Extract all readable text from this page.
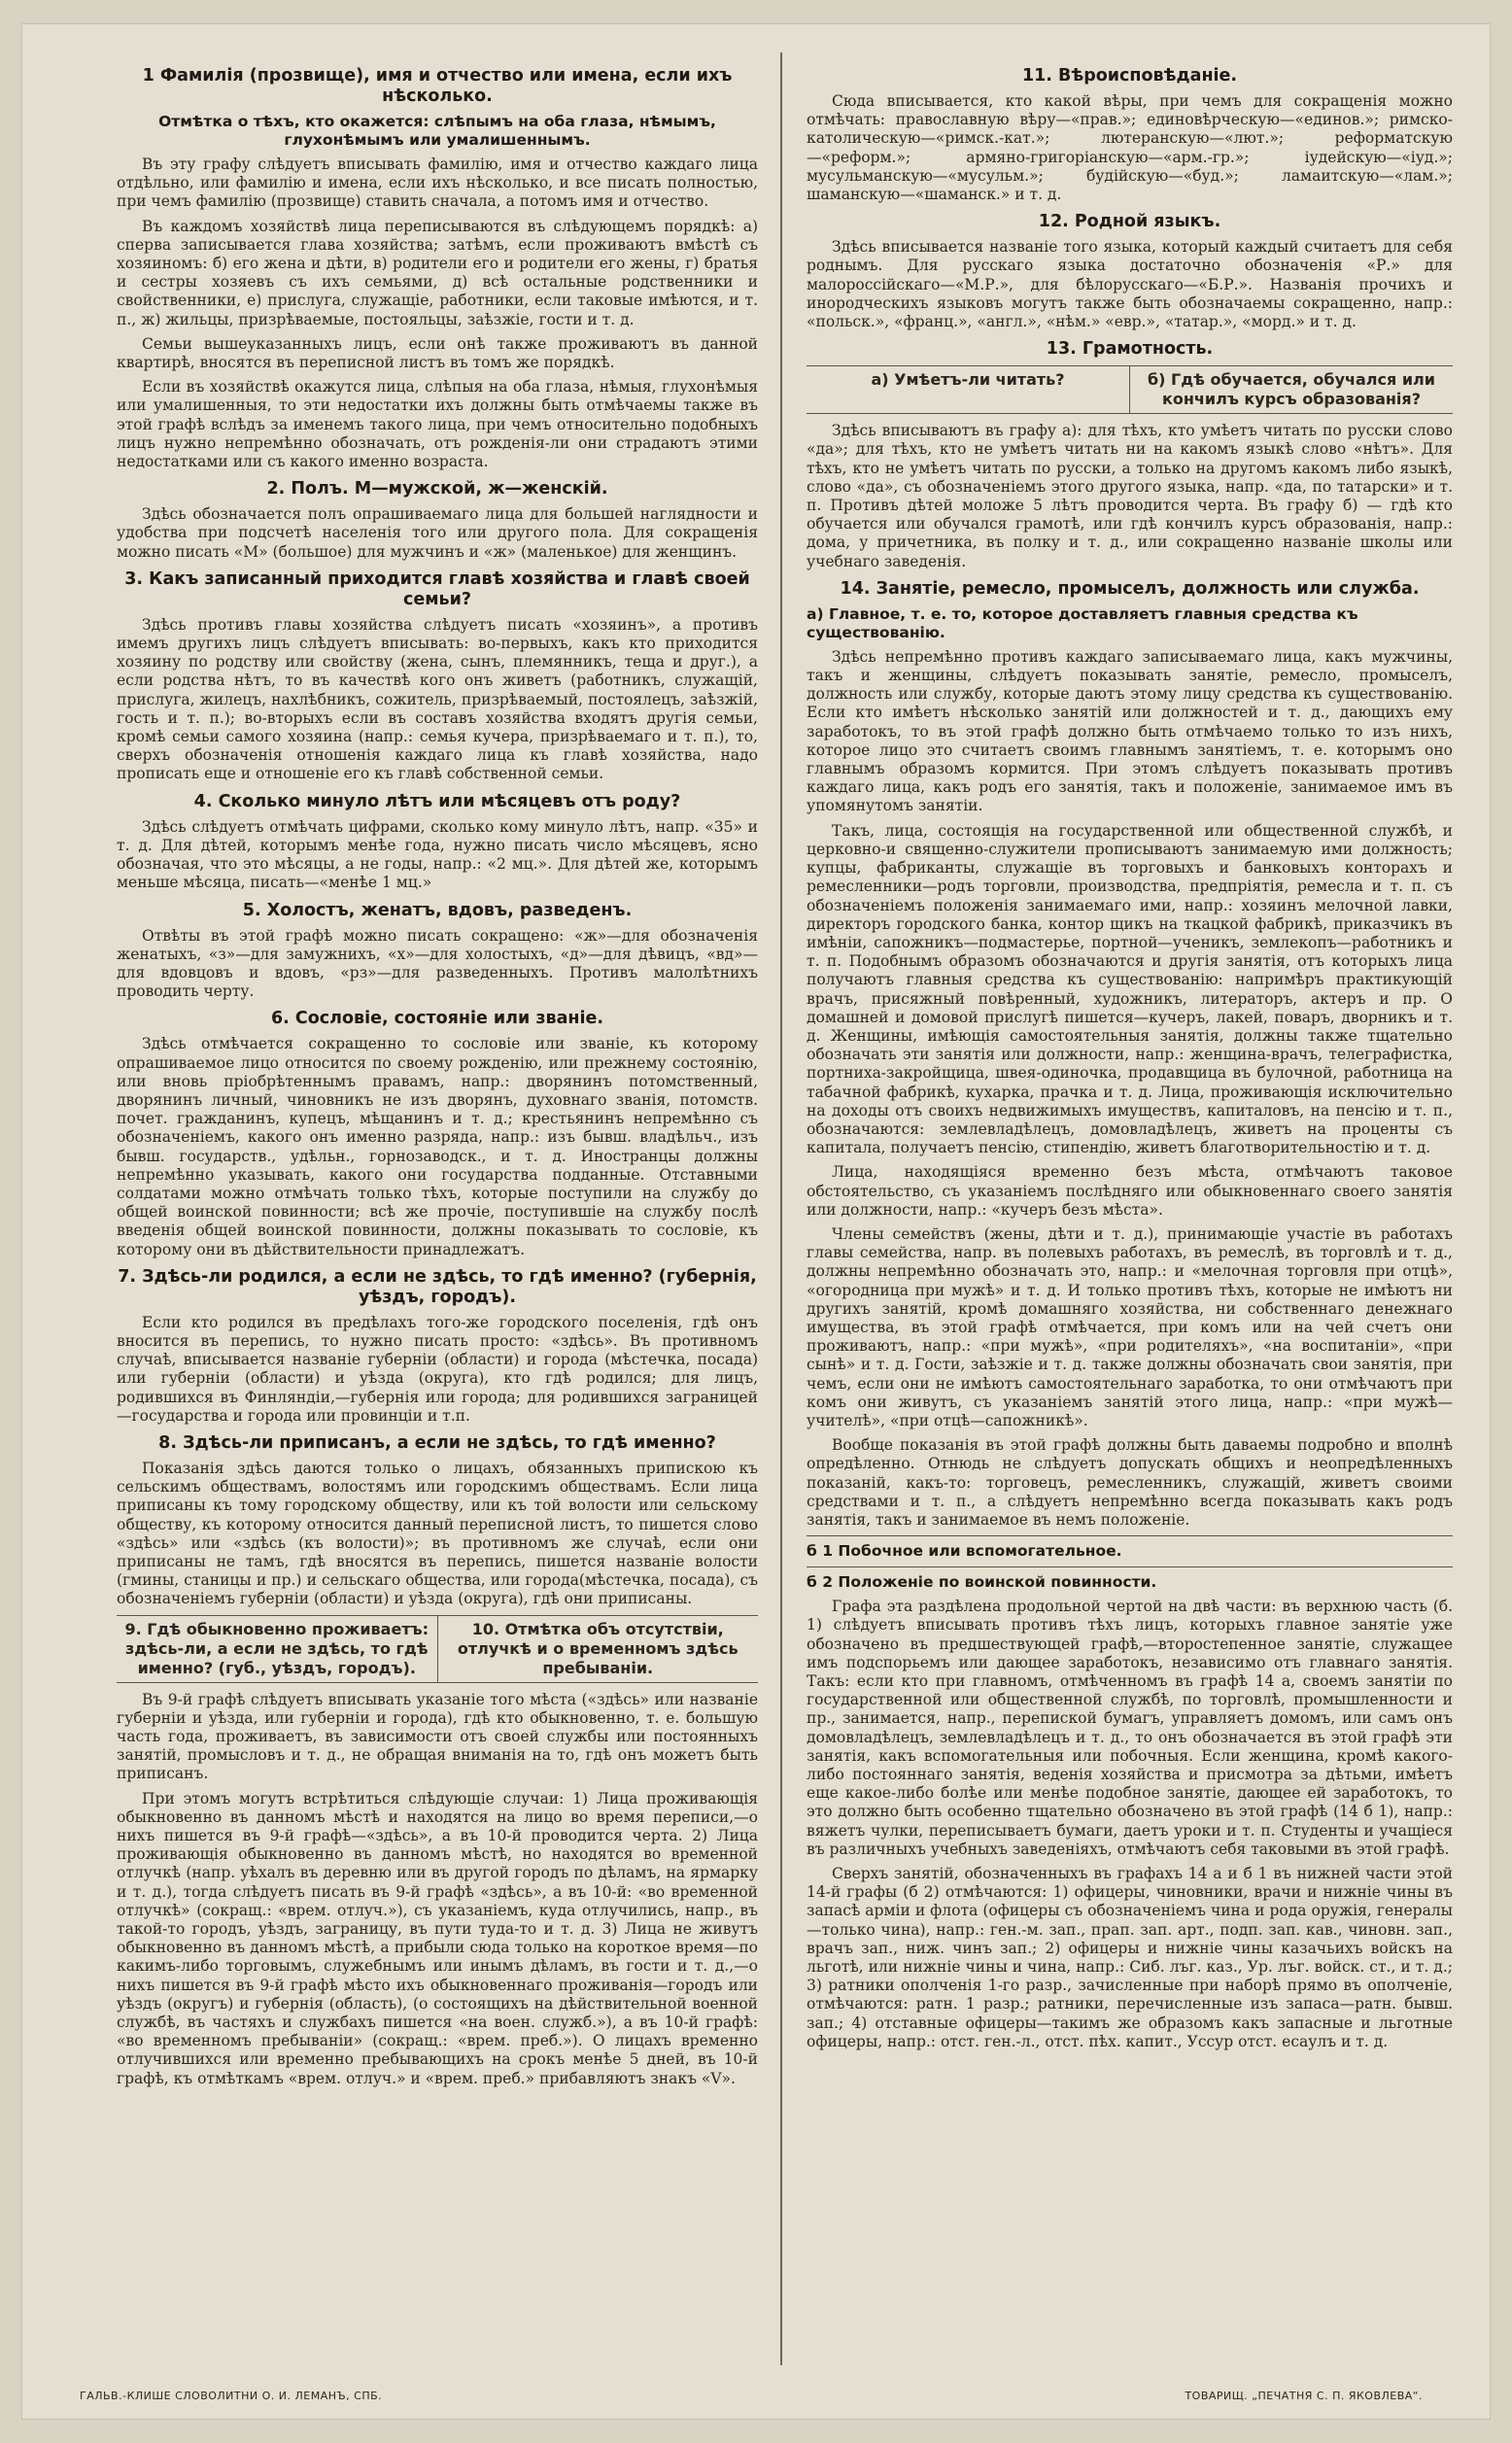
1 Фамилія (прозвище), имя и отчество или имена, если ихъ нѣсколько.
Отмѣтка о тѣхъ, кто окажется: слѣпымъ на оба глаза, нѣмымъ, глухонѣмымъ или умалишеннымъ.

Въ эту графу слѣдуетъ вписывать фамилію, имя и отчество каждаго лица отдѣльно, или фамилію и имена, если ихъ нѣсколько, и все писать полностью, при чемъ фамилію (прозвище) ставить сначала, а потомъ имя и отчество.

Въ каждомъ хозяйствѣ лица переписываются въ слѣдующемъ порядкѣ: а) сперва записывается глава хозяйства; затѣмъ, если проживаютъ вмѣстѣ съ хозяиномъ: б) его жена и дѣти, в) родители его и родители его жены, г) братья и сестры хозяевъ съ ихъ семьями, д) всѣ остальные родственники и свойственники, е) прислуга, служащіе, работники, если таковые имѣются, и т. п., ж) жильцы, призрѣваемые, постояльцы, заѣзжіе, гости и т. д.

Семьи вышеуказанныхъ лицъ, если онѣ также проживаютъ въ данной квартирѣ, вносятся въ переписной листъ въ томъ же порядкѣ.

Если въ хозяйствѣ окажутся лица, слѣпыя на оба глаза, нѣмыя, глухонѣмыя или умалишенныя, то эти недостатки ихъ должны быть отмѣчаемы также въ этой графѣ вслѣдъ за именемъ такого лица, при чемъ относительно подобныхъ лицъ нужно непремѣнно обозначать, отъ рожденія-ли они страдаютъ этими недостатками или съ какого именно возраста.

2. Полъ. М—мужской, ж—женскій.

Здѣсь обозначается полъ опрашиваемаго лица для большей наглядности и удобства при подсчетѣ населенія того или другого пола. Для сокращенія можно писать «М» (большое) для мужчинъ и «ж» (маленькое) для женщинъ.

3. Какъ записанный приходится главѣ хозяйства и главѣ своей семьи?

Здѣсь противъ главы хозяйства слѣдуетъ писать «хозяинъ», а противъ имемъ другихъ лицъ слѣдуетъ вписывать: во-первыхъ, какъ кто приходится хозяину по родству или свойству (жена, сынъ, племянникъ, теща и друг.), а если родства нѣтъ, то въ качествѣ кого онъ живетъ (работникъ, служащій, прислуга, жилецъ, нахлѣбникъ, сожитель, призрѣваемый, постоялецъ, заѣзжій, гость и т. п.); во-вторыхъ если въ составъ хозяйства входятъ другія семьи, кромѣ семьи самого хозяина (напр.: семья кучера, призрѣваемаго и т. п.), то, сверхъ обозначенія отношенія каждаго лица къ главѣ хозяйства, надо прописать еще и отношеніе его къ главѣ собственной семьи.

4. Сколько минуло лѣтъ или мѣсяцевъ отъ роду?

Здѣсь слѣдуетъ отмѣчать цифрами, сколько кому минуло лѣтъ, напр. «35» и т. д. Для дѣтей, которымъ менѣе года, нужно писать число мѣсяцевъ, ясно обозначая, что это мѣсяцы, а не годы, напр.: «2 мц.». Для дѣтей же, которымъ меньше мѣсяца, писать—«менѣе 1 мц.»

5. Холостъ, женатъ, вдовъ, разведенъ.

Отвѣты въ этой графѣ можно писать сокращено: «ж»—для обозначенія женатыхъ, «з»—для замужнихъ, «х»—для холостыхъ, «д»—для дѣвицъ, «вд»—для вдовцовъ и вдовъ, «рз»—для разведенныхъ. Противъ малолѣтнихъ проводить черту.

6. Сословіе, состояніе или званіе.

Здѣсь отмѣчается сокращенно то сословіе или званіе, къ которому опрашиваемое лицо относится по своему рожденію, или прежнему состоянію, или вновь пріобрѣтеннымъ правамъ, напр.: дворянинъ потомственный, дворянинъ личный, чиновникъ не изъ дворянъ, духовнаго званія, потомств. почет. гражданинъ, купецъ, мѣщанинъ и т. д.; крестьянинъ непремѣнно съ обозначеніемъ, какого онъ именно разряда, напр.: изъ бывш. владѣльч., изъ бывш. государств., удѣльн., горнозаводск., и т. д. Иностранцы должны непремѣнно указывать, какого они государства подданные. Отставными солдатами можно отмѣчать только тѣхъ, которые поступили на службу до общей воинской повинности; всѣ же прочіе, поступившіе на службу послѣ введенія общей воинской повинности, должны показывать то сословіе, къ которому они въ дѣйствительности принадлежатъ.

7. Здѣсь-ли родился, а если не здѣсь, то гдѣ именно? (губернія, уѣздъ, городъ).

Если кто родился въ предѣлахъ того-же городского поселенія, гдѣ онъ вносится въ перепись, то нужно писать просто: «здѣсь». Въ противномъ случаѣ, вписывается названіе губерніи (области) и города (мѣстечка, посада) или губерніи (области) и уѣзда (округа), кто гдѣ родился; для лицъ, родившихся въ Финляндіи,—губернія или города; для родившихся заграницей—государства и города или провинціи и т.п.

8. Здѣсь-ли приписанъ, а если не здѣсь, то гдѣ именно?

Показанія здѣсь даются только о лицахъ, обязанныхъ припискою къ сельскимъ обществамъ, волостямъ или городскимъ обществамъ. Если лица приписаны къ тому городскому обществу, или къ той волости или сельскому обществу, къ которому относится данный переписной листъ, то пишется слово «здѣсь» или «здѣсь (къ волости)»; въ противномъ же случаѣ, если они приписаны не тамъ, гдѣ вносятся въ перепись, пишется названіе волости (гмины, станицы и пр.) и сельскаго общества, или города(мѣстечка, посада), съ обозначеніемъ губерніи (области) и уѣзда (округа), гдѣ они приписаны.

9. Гдѣ обыкновенно проживаетъ: здѣсь-ли, а если не здѣсь, то гдѣ именно? (губ., уѣздъ, городъ).
10. Отмѣтка объ отсутствіи, отлучкѣ и о временномъ здѣсь пребываніи.

Въ 9-й графѣ слѣдуетъ вписывать указаніе того мѣста («здѣсь» или названіе губерніи и уѣзда, или губерніи и города), гдѣ кто обыкновенно, т. е. большую часть года, проживаетъ, въ зависимости отъ своей службы или постоянныхъ занятій, промысловъ и т. д., не обращая вниманія на то, гдѣ онъ можетъ быть приписанъ.

При этомъ могутъ встрѣтиться слѣдующіе случаи: 1) Лица проживающія обыкновенно въ данномъ мѣстѣ и находятся на лицо во время переписи,—о нихъ пишется въ 9-й графѣ—«здѣсь», а въ 10-й проводится черта. 2) Лица проживающія обыкновенно въ данномъ мѣстѣ, но находятся во временной отлучкѣ (напр. уѣхалъ въ деревню или въ другой городъ по дѣламъ, на ярмарку и т. д.), тогда слѣдуетъ писать въ 9-й графѣ «здѣсь», а въ 10-й: «во временной отлучкѣ» (сокращ.: «врем. отлуч.»), съ указаніемъ, куда отлучились, напр., въ такой-то городъ, уѣздъ, заграницу, въ пути туда-то и т. д. 3) Лица не живутъ обыкновенно въ данномъ мѣстѣ, а прибыли сюда только на короткое время—по какимъ-либо торговымъ, служебнымъ или инымъ дѣламъ, въ гости и т. д.,—о нихъ пишется въ 9-й графѣ мѣсто ихъ обыкновеннаго проживанія—городъ или уѣздъ (округъ) и губернія (область), (о состоящихъ на дѣйствительной военной службѣ, въ частяхъ и службахъ пишется «на воен. служб.»), а въ 10-й графѣ: «во временномъ пребываніи» (сокращ.: «врем. преб.»). О лицахъ временно отлучившихся или временно пребывающихъ на срокъ менѣе 5 дней, въ 10-й графѣ, къ отмѣткамъ «врем. отлуч.» и «врем. преб.» прибавляютъ знакъ «V».

11. Вѣроисповѣданіе.

Сюда вписывается, кто какой вѣры, при чемъ для сокращенія можно отмѣчать: православную вѣру—«прав.»; единовѣрческую—«единов.»; римско-католическую—«римск.-кат.»; лютеранскую—«лют.»; реформатскую—«реформ.»; армяно-григоріанскую—«арм.-гр.»; іудейскую—«іуд.»; мусульманскую—«мусульм.»; будійскую—«буд.»; ламаитскую—«лам.»; шаманскую—«шаманск.» и т. д.

12. Родной языкъ.

Здѣсь вписывается названіе того языка, который каждый считаетъ для себя роднымъ. Для русскаго языка достаточно обозначенія «Р.» для малороссійскаго—«М.Р.», для бѣлорусскаго—«Б.Р.». Названія прочихъ и инородческихъ языковъ могутъ также быть обозначаемы сокращенно, напр.: «польск.», «франц.», «англ.», «нѣм.» «евр.», «татар.», «морд.» и т. д.

13. Грамотность.
а) Умѣетъ-ли читать?	б) Гдѣ обучается, обучался или кончилъ курсъ образованія?

Здѣсь вписываютъ въ графу а): для тѣхъ, кто умѣетъ читать по русски слово «да»; для тѣхъ, кто не умѣетъ читать ни на какомъ языкѣ слово «нѣтъ». Для тѣхъ, кто не умѣетъ читать по русски, а только на другомъ какомъ либо языкѣ, слово «да», съ обозначеніемъ этого другого языка, напр. «да, по татарски» и т. п. Противъ дѣтей моложе 5 лѣтъ проводится черта. Въ графу б) — гдѣ кто обучается или обучался грамотѣ, или гдѣ кончилъ курсъ образованія, напр.: дома, у причетника, въ полку и т. д., или сокращенно названіе школы или учебнаго заведенія.

14. Занятіе, ремесло, промыселъ, должность или служба.
а) Главное, т. е. то, которое доставляетъ главныя средства къ существованію.

Здѣсь непремѣнно противъ каждаго записываемаго лица, какъ мужчины, такъ и женщины, слѣдуетъ показывать занятіе, ремесло, промыселъ, должность или службу, которые даютъ этому лицу средства къ существованію. Если кто имѣетъ нѣсколько занятій или должностей и т. д., дающихъ ему заработокъ, то въ этой графѣ должно быть отмѣчаемо только то изъ нихъ, которое лицо это считаетъ своимъ главнымъ занятіемъ, т. е. которымъ оно главнымъ образомъ кормится. При этомъ слѣдуетъ показывать противъ каждаго лица, какъ родъ его занятія, такъ и положеніе, занимаемое имъ въ упомянутомъ занятіи.

Такъ, лица, состоящія на государственной или общественной службѣ, и церковно-и священно-служители прописываютъ занимаемую ими должность; купцы, фабриканты, служащіе въ торговыхъ и банковыхъ конторахъ и ремесленники—родъ торговли, производства, предпріятія, ремесла и т. п. съ обозначеніемъ положенія занимаемаго ими, напр.: хозяинъ мелочной лавки, директоръ городского банка, контор щикъ на ткацкой фабрикѣ, приказчикъ въ имѣніи, сапожникъ—подмастерье, портной—ученикъ, землекопъ—работникъ и т. п. Подобнымъ образомъ обозначаются и другія занятія, отъ которыхъ лица получаютъ главныя средства къ существованію: напримѣръ практикующій врачъ, присяжный повѣренный, художникъ, литераторъ, актеръ и пр. О домашней и домовой прислугѣ пишется—кучеръ, лакей, поваръ, дворникъ и т. д. Женщины, имѣющія самостоятельныя занятія, должны также тщательно обозначать эти занятія или должности, напр.: женщина-врачъ, телеграфистка, портниха-закройщица, швея-одиночка, продавщица въ булочной, работница на табачной фабрикѣ, кухарка, прачка и т. д. Лица, проживающія исключительно на доходы отъ своихъ недвижимыхъ имуществъ, капиталовъ, на пенсію и т. п., обозначаются: землевладѣлецъ, домовладѣлецъ, живетъ на проценты съ капитала, получаетъ пенсію, стипендію, живетъ благотворительностію и т. д.

Лица, находящіяся временно безъ мѣста, отмѣчаютъ таковое обстоятельство, съ указаніемъ послѣдняго или обыкновеннаго своего занятія или должности, напр.: «кучеръ безъ мѣста».

Члены семействъ (жены, дѣти и т. д.), принимающіе участіе въ работахъ главы семейства, напр. въ полевыхъ работахъ, въ ремеслѣ, въ торговлѣ и т. д., должны непремѣнно обозначать это, напр.: и «мелочная торговля при отцѣ», «огородница при мужѣ» и т. д. И только противъ тѣхъ, которые не имѣютъ ни другихъ занятій, кромѣ домашняго хозяйства, ни собственнаго денежнаго имущества, въ этой графѣ отмѣчается, при комъ или на чей счетъ они проживаютъ, напр.: «при мужѣ», «при родителяхъ», «на воспитаніи», «при сынѣ» и т. д. Гости, заѣзжіе и т. д. также должны обозначать свои занятія, при чемъ, если они не имѣютъ самостоятельнаго заработка, то они отмѣчаютъ при комъ они живутъ, съ указаніемъ занятій этого лица, напр.: «при мужѣ—учителѣ», «при отцѣ—сапожникѣ».

Вообще показанія въ этой графѣ должны быть даваемы подробно и вполнѣ опредѣленно. Отнюдь не слѣдуетъ допускать общихъ и неопредѣленныхъ показаній, какъ-то: торговецъ, ремесленникъ, служащій, живетъ своими средствами и т. п., а слѣдуетъ непремѣнно всегда показывать какъ родъ занятія, такъ и занимаемое въ немъ положеніе.

б 1 Побочное или вспомогательное.
б 2 Положеніе по воинской повинности.

Графа эта раздѣлена продольной чертой на двѣ части: въ верхнюю часть (б. 1) слѣдуетъ вписывать противъ тѣхъ лицъ, которыхъ главное занятіе уже обозначено въ предшествующей графѣ,—второстепенное занятіе, служащее имъ подспорьемъ или дающее заработокъ, независимо отъ главнаго занятія. Такъ: если кто при главномъ, отмѣченномъ въ графѣ 14 а, своемъ занятіи по государственной или общественной службѣ, по торговлѣ, промышленности и пр., занимается, напр., перепиской бумагъ, управляетъ домомъ, или самъ онъ домовладѣлецъ, землевладѣлецъ и т. д., то онъ обозначается въ этой графѣ эти занятія, какъ вспомогательныя или побочныя. Если женщина, кромѣ какого-либо постояннаго занятія, веденія хозяйства и присмотра за дѣтьми, имѣетъ еще какое-либо болѣе или менѣе подобное занятіе, дающее ей заработокъ, то это должно быть особенно тщательно обозначено въ этой графѣ (14 б 1), напр.: вяжетъ чулки, переписываетъ бумаги, даетъ уроки и т. п. Студенты и учащіеся въ различныхъ учебныхъ заведеніяхъ, отмѣчаютъ себя таковыми въ этой графѣ.

Сверхъ занятій, обозначенныхъ въ графахъ 14 а и б 1 въ нижней части этой 14-й графы (б 2) отмѣчаются: 1) офицеры, чиновники, врачи и нижніе чины въ запасѣ арміи и флота (офицеры съ обозначеніемъ чина и рода оружія, генералы—только чина), напр.: ген.-м. зап., прап. зап. арт., подп. зап. кав., чиновн. зап., врачъ зап., ниж. чинъ зап.; 2) офицеры и нижніе чины казачьихъ войскъ на льготѣ, или нижніе чины и чина, напр.: Сиб. лъг. каз., Ур. лъг. войск. ст., и т. д.; 3) ратники ополченія 1-го разр., зачисленные при наборѣ прямо въ ополченіе, отмѣчаются: ратн. 1 разр.; ратники, перечисленные изъ запаса—ратн. бывш. зап.; 4) отставные офицеры—такимъ же образомъ какъ запасные и льготные офицеры, напр.: отст. ген.-л., отст. пѣх. капит., Уссур отст. есаулъ и т. д.

ГАЛЬВ.-КЛИШЕ СЛОВОЛИТНИ О. И. ЛЕМАНЪ, СПБ.	ТОВАРИЩ. „ПЕЧАТНЯ С. П. ЯКОВЛЕВА“.
